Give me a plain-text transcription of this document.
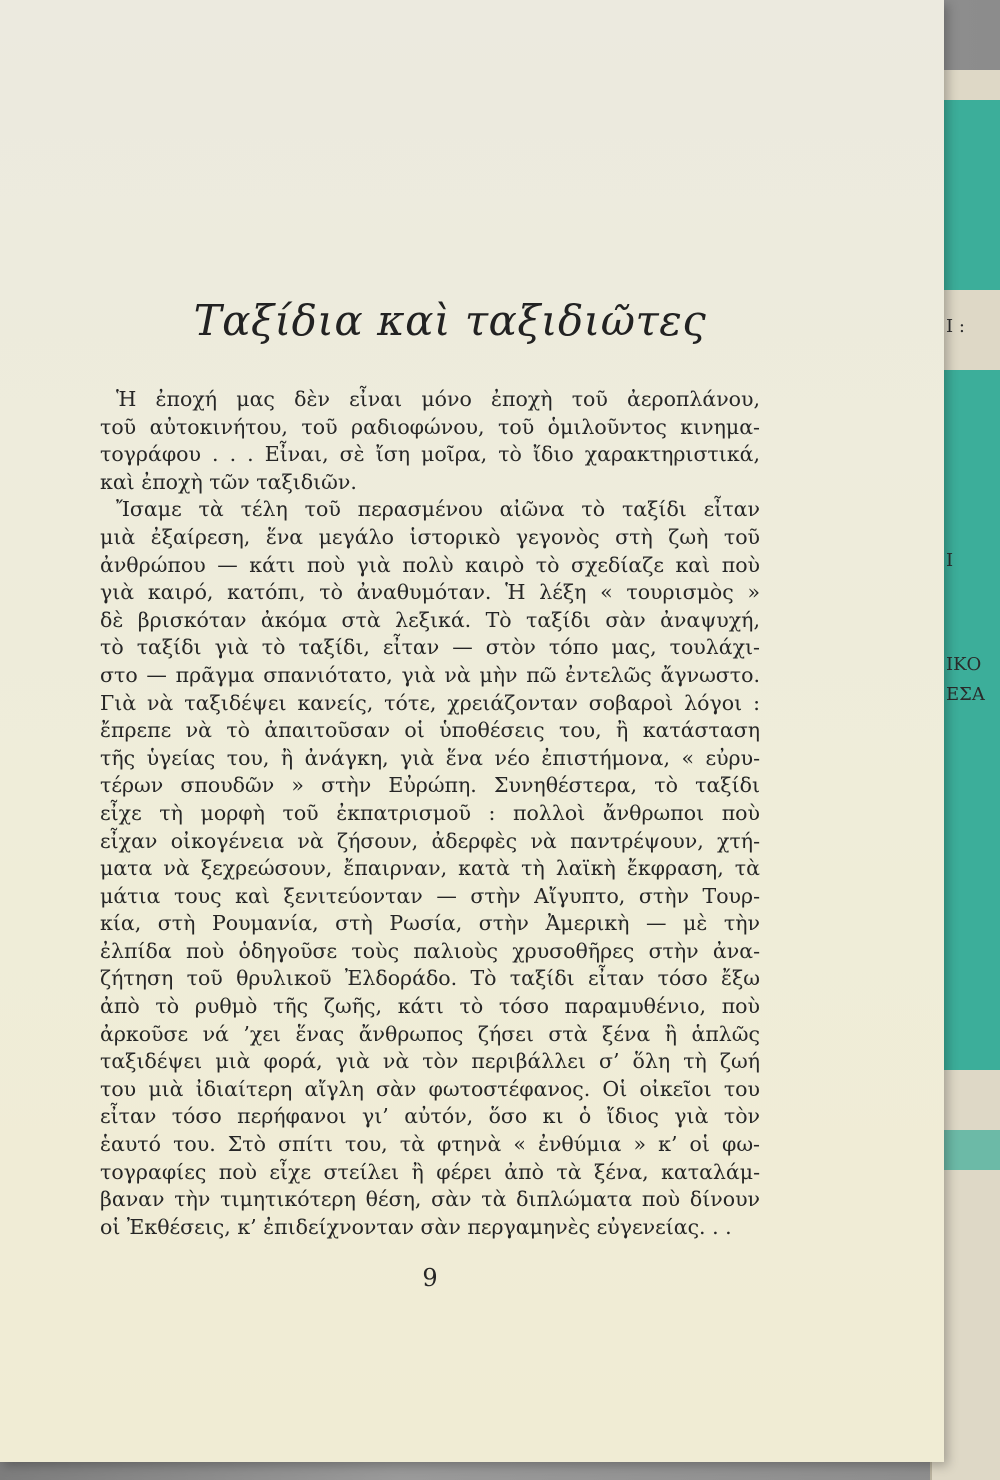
Ι :
Ι
ΙΚΟ
ΕΣΑ
Ταξίδια καὶ ταξιδιῶτες
Ἡ ἐποχή μας δὲν εἶναι μόνο ἐποχὴ τοῦ ἀεροπλάνου,
τοῦ αὐτοκινήτου, τοῦ ραδιοφώνου, τοῦ ὁμιλοῦντος κινημα-
τογράφου . . . Εἶναι, σὲ ἴση μοῖρα, τὸ ἴδιο χαρακτηριστικά,
καὶ ἐποχὴ τῶν ταξιδιῶν.
Ἴσαμε τὰ τέλη τοῦ περασμένου αἰῶνα τὸ ταξίδι εἶταν
μιὰ ἐξαίρεση, ἕνα μεγάλο ἱστορικὸ γεγονὸς στὴ ζωὴ τοῦ
ἀνθρώπου — κάτι ποὺ γιὰ πολὺ καιρὸ τὸ σχεδίαζε καὶ ποὺ
γιὰ καιρό, κατόπι, τὸ ἀναθυμόταν. Ἡ λέξη « τουρισμὸς »
δὲ βρισκόταν ἀκόμα στὰ λεξικά. Τὸ ταξίδι σὰν ἀναψυχή,
τὸ ταξίδι γιὰ τὸ ταξίδι, εἶταν — στὸν τόπο μας, τουλάχι-
στο — πρᾶγμα σπανιότατο, γιὰ νὰ μὴν πῶ ἐντελῶς ἄγνωστο.
Γιὰ νὰ ταξιδέψει κανείς, τότε, χρειάζονταν σοβαροὶ λόγοι :
ἔπρεπε νὰ τὸ ἀπαιτοῦσαν οἱ ὑποθέσεις του, ἢ κατάσταση
τῆς ὑγείας του, ἢ ἀνάγκη, γιὰ ἕνα νέο ἐπιστήμονα, « εὐρυ-
τέρων σπουδῶν » στὴν Εὐρώπη. Συνηθέστερα, τὸ ταξίδι
εἶχε τὴ μορφὴ τοῦ ἐκπατρισμοῦ : πολλοὶ ἄνθρωποι ποὺ
εἶχαν οἰκογένεια νὰ ζήσουν, ἀδερφὲς νὰ παντρέψουν, χτή-
ματα νὰ ξεχρεώσουν, ἔπαιρναν, κατὰ τὴ λαϊκὴ ἔκφραση, τὰ
μάτια τους καὶ ξενιτεύονταν — στὴν Αἴγυπτο, στὴν Τουρ-
κία, στὴ Ρουμανία, στὴ Ρωσία, στὴν Ἀμερικὴ — μὲ τὴν
ἐλπίδα ποὺ ὁδηγοῦσε τοὺς παλιοὺς χρυσοθῆρες στὴν ἀνα-
ζήτηση τοῦ θρυλικοῦ Ἐλδοράδο. Τὸ ταξίδι εἶταν τόσο ἔξω
ἀπὸ τὸ ρυθμὸ τῆς ζωῆς, κάτι τὸ τόσο παραμυθένιο, ποὺ
ἀρκοῦσε νά ’χει ἕνας ἄνθρωπος ζήσει στὰ ξένα ἢ ἁπλῶς
ταξιδέψει μιὰ φορά, γιὰ νὰ τὸν περιβάλλει σ’ ὅλη τὴ ζωή
του μιὰ ἰδιαίτερη αἴγλη σὰν φωτοστέφανος. Οἱ οἰκεῖοι του
εἶταν τόσο περήφανοι γι’ αὐτόν, ὅσο κι ὁ ἴδιος γιὰ τὸν
ἑαυτό του. Στὸ σπίτι του, τὰ φτηνὰ « ἐνθύμια » κ’ οἱ φω-
τογραφίες ποὺ εἶχε στείλει ἢ φέρει ἀπὸ τὰ ξένα, καταλάμ-
βαναν τὴν τιμητικότερη θέση, σὰν τὰ διπλώματα ποὺ δίνουν
οἱ Ἐκθέσεις, κ’ ἐπιδείχνονταν σὰν περγαμηνὲς εὐγενείας. . .
9
